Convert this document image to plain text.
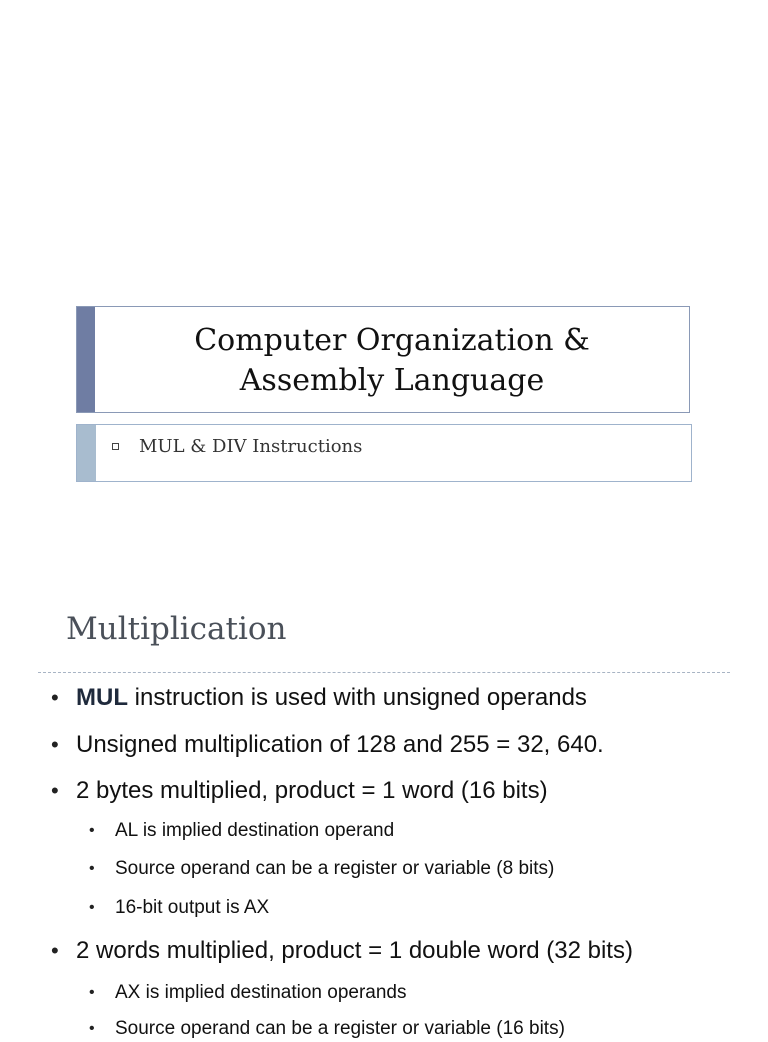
Computer Organization &
Assembly Language
MUL & DIV Instructions
Multiplication
• MUL instruction is used with unsigned operands
• Unsigned multiplication of 128 and 255 = 32, 640.
• 2 bytes multiplied, product = 1 word (16 bits)
• AL is implied destination operand
• Source operand can be a register or variable (8 bits)
• 16-bit output is AX
• 2 words multiplied, product = 1 double word (32 bits)
• AX is implied destination operands
• Source operand can be a register or variable (16 bits)
